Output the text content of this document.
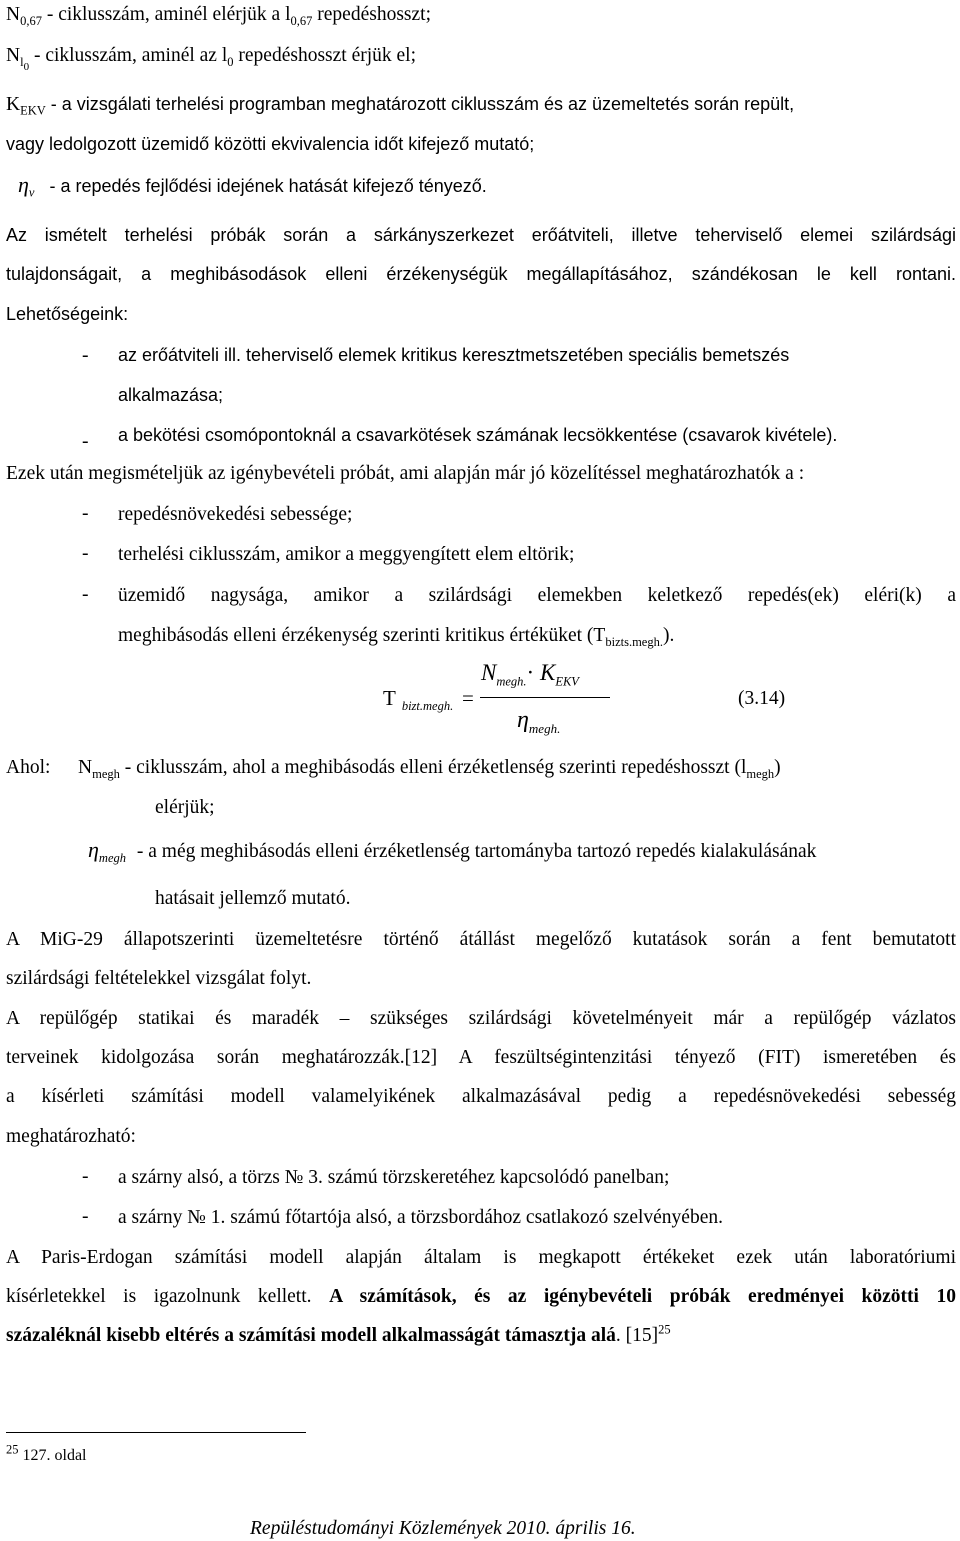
$N_{0,67}$ - ciklusszám, aminél elérjük a $l_{0,67}$ repedéshosszt;
$N_{l0}$ - ciklusszám, aminél az $l_0$ repedéshosszt érjük el;
$K_{EKV}$ - a vizsgálati terhelési programban meghatározott ciklusszám és az üzemeltetés során repült,
vagy ledolgozott üzemidő közötti ekvivalencia időt kifejező mutató;
$\eta_v$ - a repedés fejlődési idejének hatását kifejező tényező.
Az ismételt terhelési próbák során a sárkányszerkezet erőátviteli, illetve teherviselő elemei szilárdsági
tulajdonságait, a meghibásodások elleni érzékenységük megállapításához, szándékosan le kell rontani.
Lehetőségeink:
- az erőátviteli ill. teherviselő elemek kritikus keresztmetszetében speciális bemetszés
alkalmazása;
- a bekötési csomópontoknál a csavarkötések számának lecsökkentése (csavarok kivétele).
Ezek után megismételjük az igénybevételi próbát, ami alapján már jó közelítéssel meghatározhatók a :
- repedésnövekedési sebessége;
- terhelési ciklusszám, amikor a meggyengített elem eltörik;
- üzemidő nagysága, amikor a szilárdsági elemekben keletkező repedés(ek) eléri(k) a
meghibásodás elleni érzékenység szerinti kritikus értéküket $(T_{bizts.megh.})$.
T $_{bizt.megh.}$ =
$N_{megh.}\cdot K_{EKV}$
$\eta_{megh.}$
(3.14)
Ahol:	$N_{megh}$ - ciklusszám, ahol a meghibásodás elleni érzéketlenség szerinti repedéshosszt $(l_{megh})$
elérjük;
$\eta_{megh}$ - a még meghibásodás elleni érzéketlenség tartományba tartozó repedés kialakulásának
hatásait jellemző mutató.
A MiG-29 állapotszerinti üzemeltetésre történő átállást megelőző kutatások során a fent bemutatott
szilárdsági feltételekkel vizsgálat folyt.
A repülőgép statikai és maradék – szükséges szilárdsági követelményeit már a repülőgép vázlatos
terveinek kidolgozása során meghatározzák.[12] A feszültségintenzitási tényező (FIT) ismeretében és
a kísérleti számítási modell valamelyikének alkalmazásával pedig a repedésnövekedési sebesség
meghatározható:
- a szárny alsó, a törzs № 3. számú törzskeretéhez kapcsolódó panelban;
- a szárny № 1. számú főtartója alsó, a törzsbordához csatlakozó szelvényében.
A Paris-Erdogan számítási modell alapján általam is megkapott értékeket ezek után laboratóriumi
kísérletekkel is igazolnunk kellett. A számítások, és az igénybevételi próbák eredményei közötti 10
százaléknál kisebb eltérés a számítási modell alkalmasságát támasztja alá. $[15]^{25}$
$^{25}$ 127. oldal
Repüléstudományi Közlemények 2010. április 16.
